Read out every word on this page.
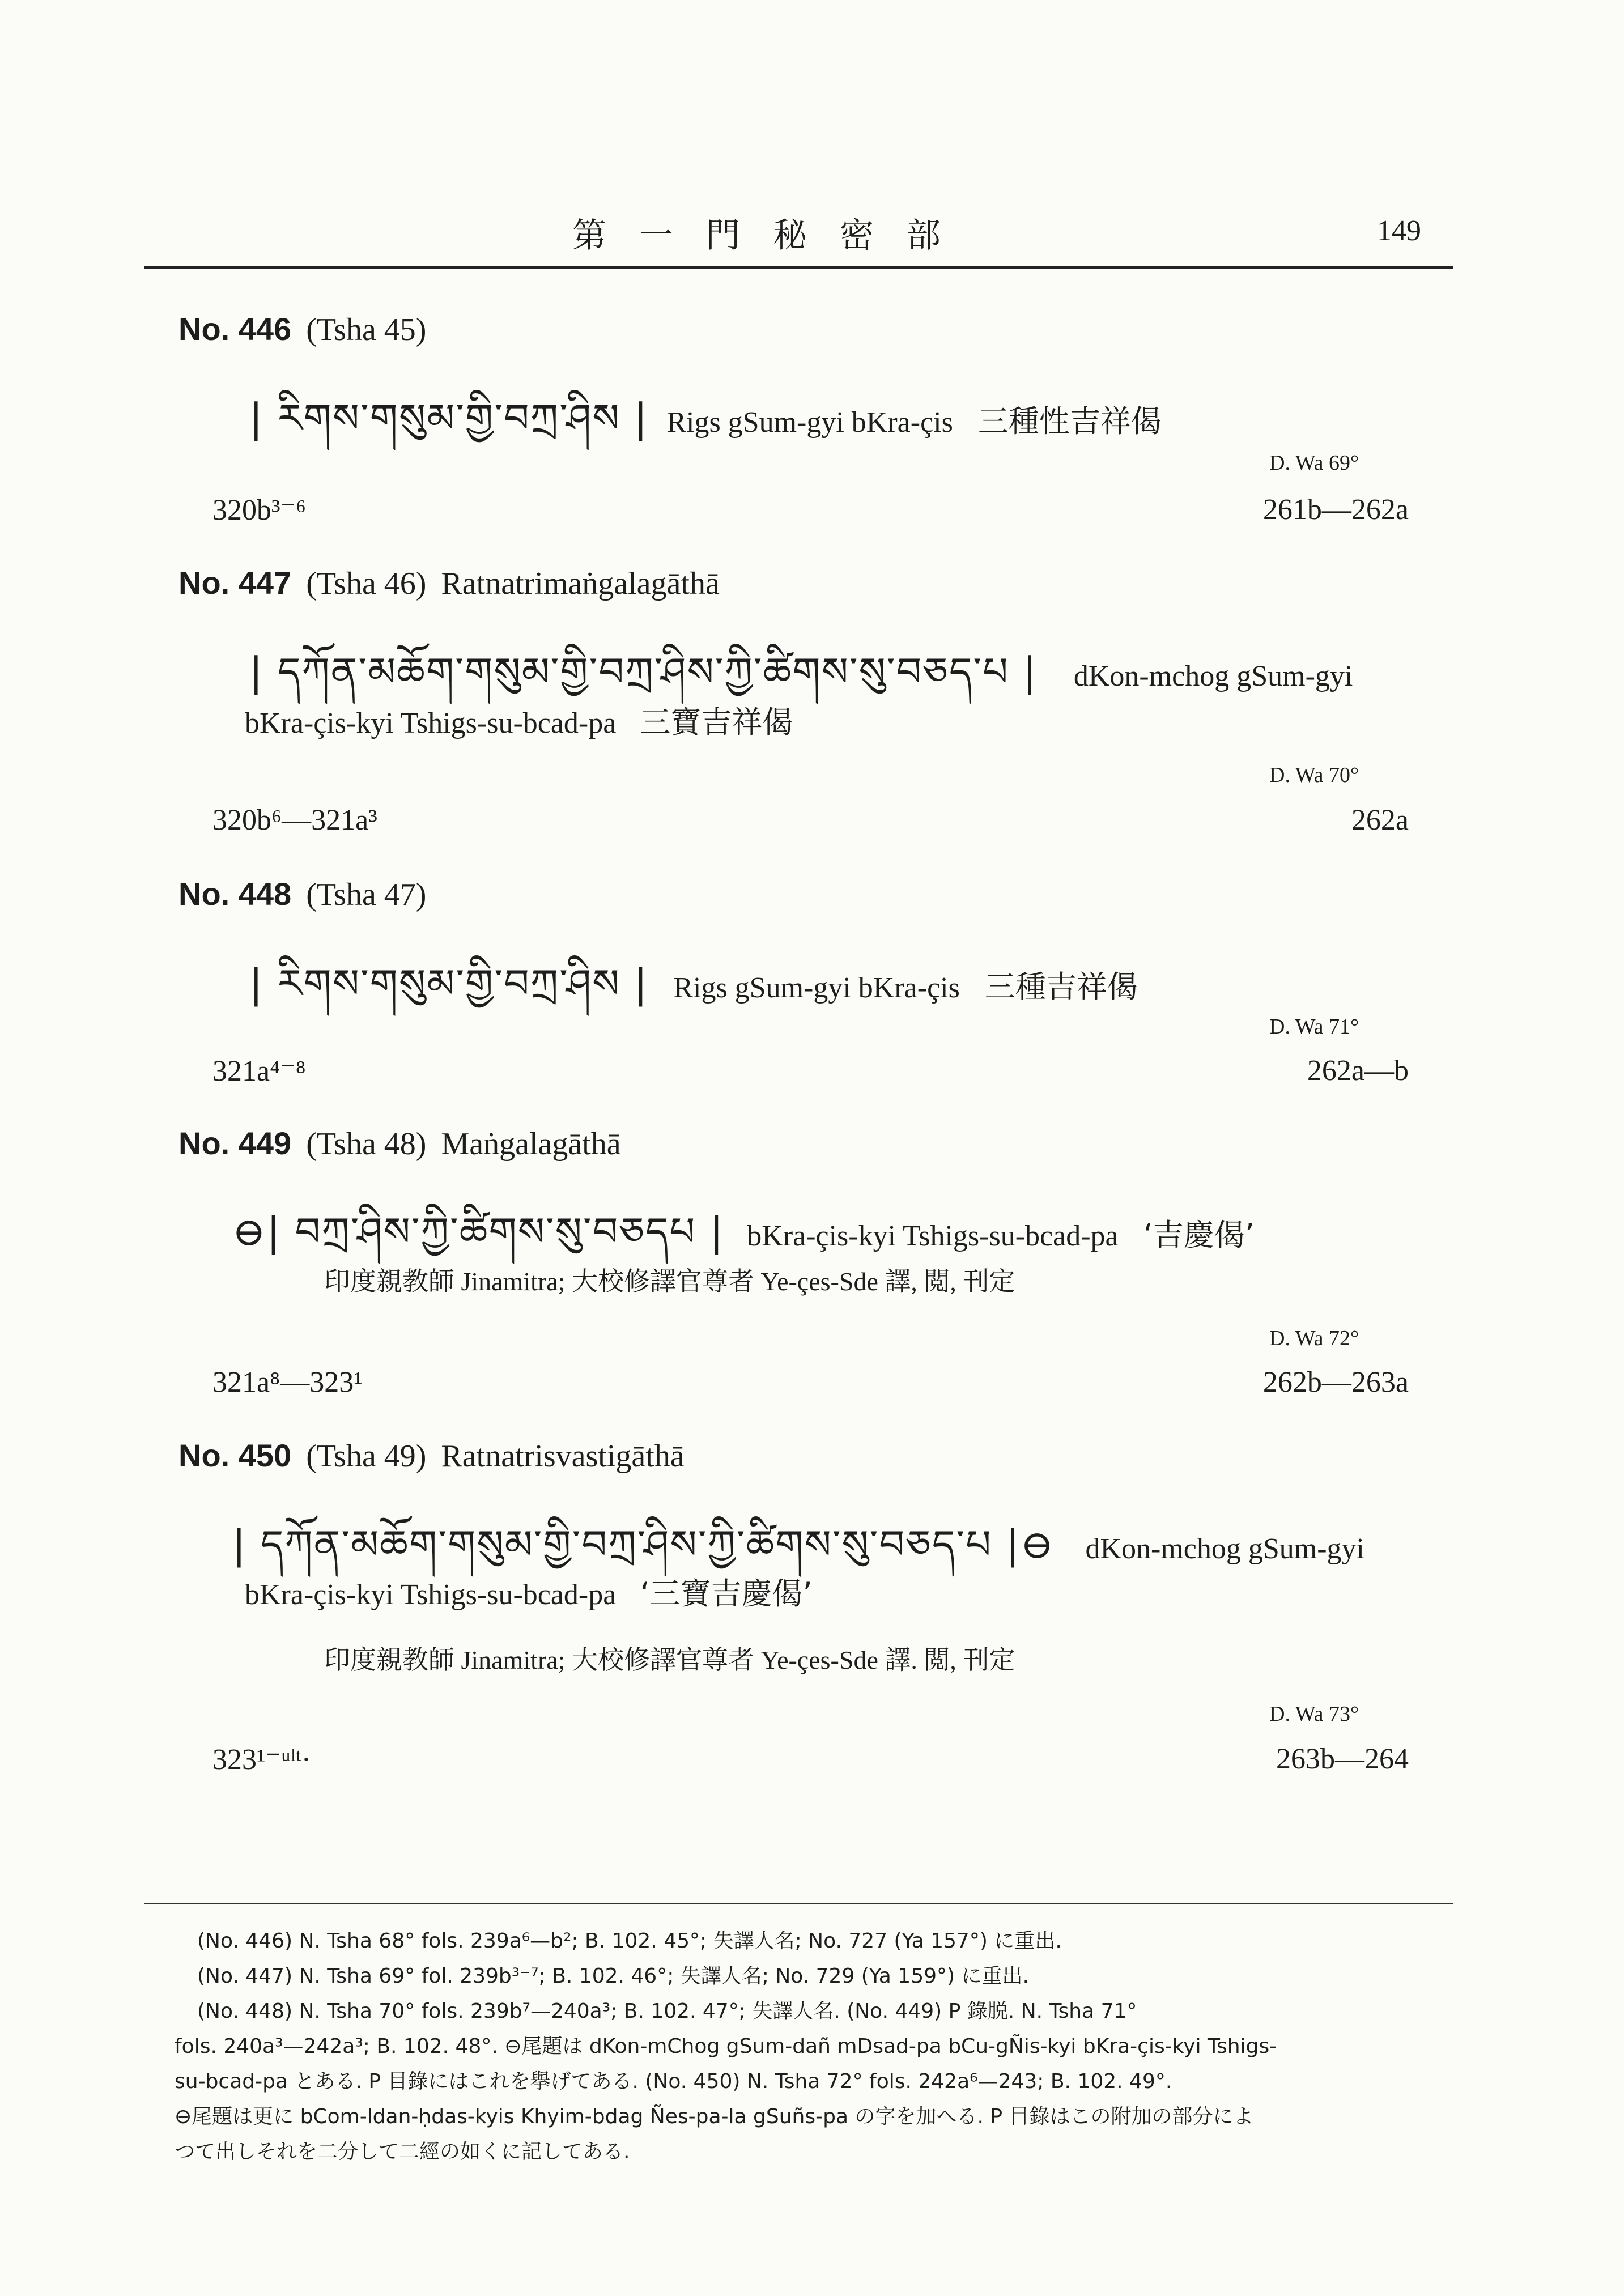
第一門秘密部	149
No. 446 (Tsha 45)
| རིགས་གསུམ་གྱི་བཀྲ་ཤིས | Rigs gSum-gyi bKra-çis 三種性吉祥偈
D. Wa 69°
320b³⁻⁶	261b—262a
No. 447 (Tsha 46) Ratnatrimaṅgalagāthā
| དཀོན་མཆོག་གསུམ་གྱི་བཀྲ་ཤིས་ཀྱི་ཚིགས་སུ་བཅད་པ | dKon-mchog gSum-gyi
bKra-çis-kyi Tshigs-su-bcad-pa 三寶吉祥偈
D. Wa 70°
320b⁶—321a³	262a
No. 448 (Tsha 47)
| རིགས་གསུམ་གྱི་བཀྲ་ཤིས | Rigs gSum-gyi bKra-çis 三種吉祥偈
D. Wa 71°
321a⁴⁻⁸	262a—b
No. 449 (Tsha 48) Maṅgalagāthā
⊖| བཀྲ་ཤིས་ཀྱི་ཚིགས་སུ་བཅདཔ | bKra-çis-kyi Tshigs-su-bcad-pa ‘吉慶偈’
印度親教師 Jinamitra; 大校修譯官尊者 Ye-çes-Sde 譯, 閲, 刊定
D. Wa 72°
321a⁸—323¹	262b—263a
No. 450 (Tsha 49) Ratnatrisvastigāthā
| དཀོན་མཆོག་གསུམ་གྱི་བཀྲ་ཤིས་ཀྱི་ཚིགས་སུ་བཅད་པ |⊖ dKon-mchog gSum-gyi
bKra-çis-kyi Tshigs-su-bcad-pa ‘三寶吉慶偈’
印度親教師 Jinamitra; 大校修譯官尊者 Ye-çes-Sde 譯. 閲, 刊定
D. Wa 73°
323¹⁻ᵘˡᵗ·	263b—264
(No. 446) N. Tsha 68° fols. 239a⁶—b²; B. 102. 45°; 失譯人名; No. 727 (Ya 157°) に重出.
(No. 447) N. Tsha 69° fol. 239b³⁻⁷; B. 102. 46°; 失譯人名; No. 729 (Ya 159°) に重出.
(No. 448) N. Tsha 70° fols. 239b⁷—240a³; B. 102. 47°; 失譯人名. (No. 449) P 錄脱. N. Tsha 71°
fols. 240a³—242a³; B. 102. 48°. ⊖尾題は dKon-mChog gSum-dañ mDsad-pa bCu-gÑis-kyi bKra-çis-kyi Tshigs-
su-bcad-pa とある. P 目錄にはこれを擧げてある. (No. 450) N. Tsha 72° fols. 242a⁶—243; B. 102. 49°.
⊖尾題は更に bCom-ldan-ḥdas-kyis Khyim-bdag Ñes-pa-la gSuñs-pa の字を加へる. P 目錄はこの附加の部分によ
つて出しそれを二分して二經の如くに記してある.
